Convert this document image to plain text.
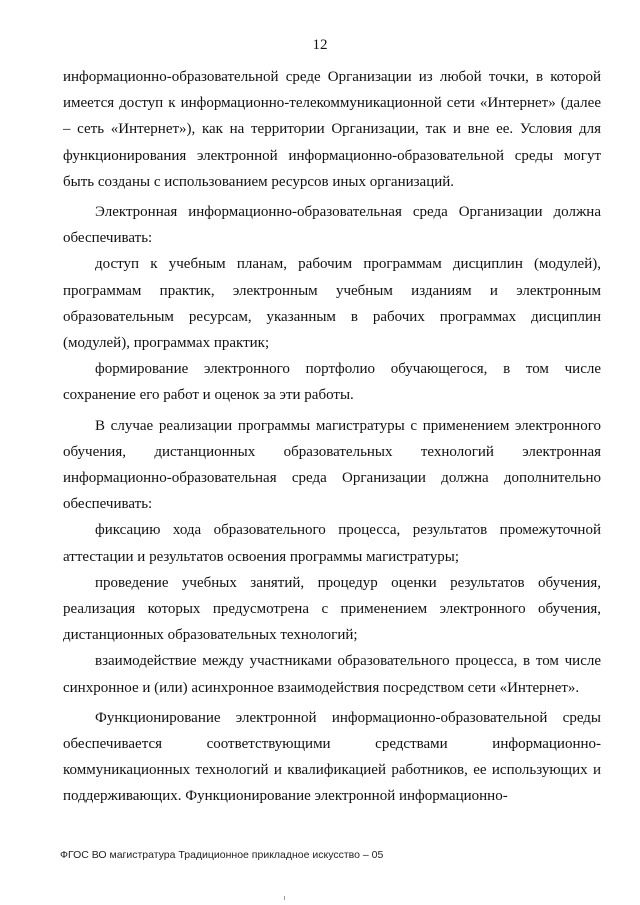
12

информационно-образовательной среде Организации из любой точки, в которой имеется доступ к информационно-телекоммуникационной сети «Интернет» (далее – сеть «Интернет»), как на территории Организации, так и вне ее. Условия для функционирования электронной информационно-образовательной среды могут быть созданы с использованием ресурсов иных организаций.

Электронная информационно-образовательная среда Организации должна обеспечивать:

доступ к учебным планам, рабочим программам дисциплин (модулей), программам практик, электронным учебным изданиям и электронным образовательным ресурсам, указанным в рабочих программах дисциплин (модулей), программах практик;

формирование электронного портфолио обучающегося, в том числе сохранение его работ и оценок за эти работы.

В случае реализации программы магистратуры с применением электронного обучения, дистанционных образовательных технологий электронная информационно-образовательная среда Организации должна дополнительно обеспечивать:

фиксацию хода образовательного процесса, результатов промежуточной аттестации и результатов освоения программы магистратуры;

проведение учебных занятий, процедур оценки результатов обучения, реализация которых предусмотрена с применением электронного обучения, дистанционных образовательных технологий;

взаимодействие между участниками образовательного процесса, в том числе синхронное и (или) асинхронное взаимодействия посредством сети «Интернет».

Функционирование электронной информационно-образовательной среды обеспечивается соответствующими средствами информационно-коммуникационных технологий и квалификацией работников, ее использующих и поддерживающих. Функционирование электронной информационно-

ФГОС ВО магистратура Традиционное прикладное искусство – 05
